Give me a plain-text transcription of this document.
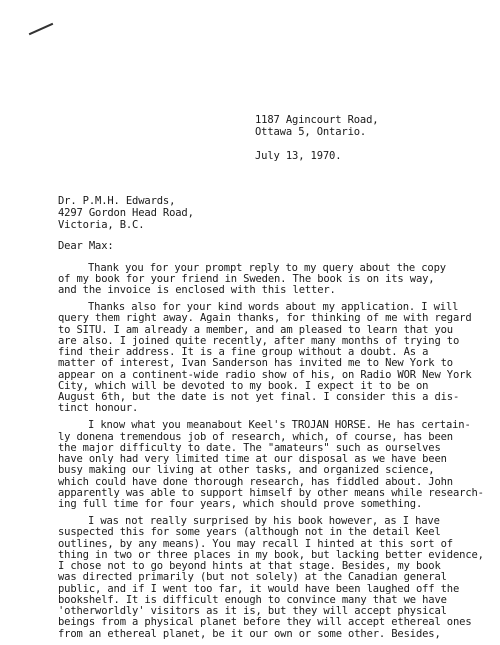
1187 Agincourt Road,
Ottawa 5, Ontario.
July 13, 1970.
Dr. P.M.H. Edwards,
4297 Gordon Head Road,
Victoria, B.C.
Dear Max:
Thank you for your prompt reply to my query about the copy
of my book for your friend in Sweden. The book is on its way,
and the invoice is enclosed with this letter.
Thanks also for your kind words about my application. I will
query them right away. Again thanks, for thinking of me with regard
to SITU. I am already a member, and am pleased to learn that you
are also. I joined quite recently, after many months of trying to
find their address. It is a fine group without a doubt. As a
matter of interest, Ivan Sanderson has invited me to New York to
appear on a continent-wide radio show of his, on Radio WOR New York
City, which will be devoted to my book. I expect it to be on
August 6th, but the date is not yet final. I consider this a dis-
tinct honour.
I know what you meanabout Keel's TROJAN HORSE. He has certain-
ly donena tremendous job of research, which, of course, has been
the major difficulty to date. The "amateurs" such as ourselves
have only had very limited time at our disposal as we have been
busy making our living at other tasks, and organized science,
which could have done thorough research, has fiddled about. John
apparently was able to support himself by other means while research-
ing full time for four years, which should prove something.
I was not really surprised by his book however, as I have
suspected this for some years (although not in the detail Keel
outlines, by any means). You may recall I hinted at this sort of
thing in two or three places in my book, but lacking better evidence,
I chose not to go beyond hints at that stage. Besides, my book
was directed primarily (but not solely) at the Canadian general
public, and if I went too far, it would have been laughed off the
bookshelf. It is difficult enough to convince many that we have
'otherworldly' visitors as it is, but they will accept physical
beings from a physical planet before they will accept ethereal ones
from an ethereal planet, be it our own or some other. Besides,
